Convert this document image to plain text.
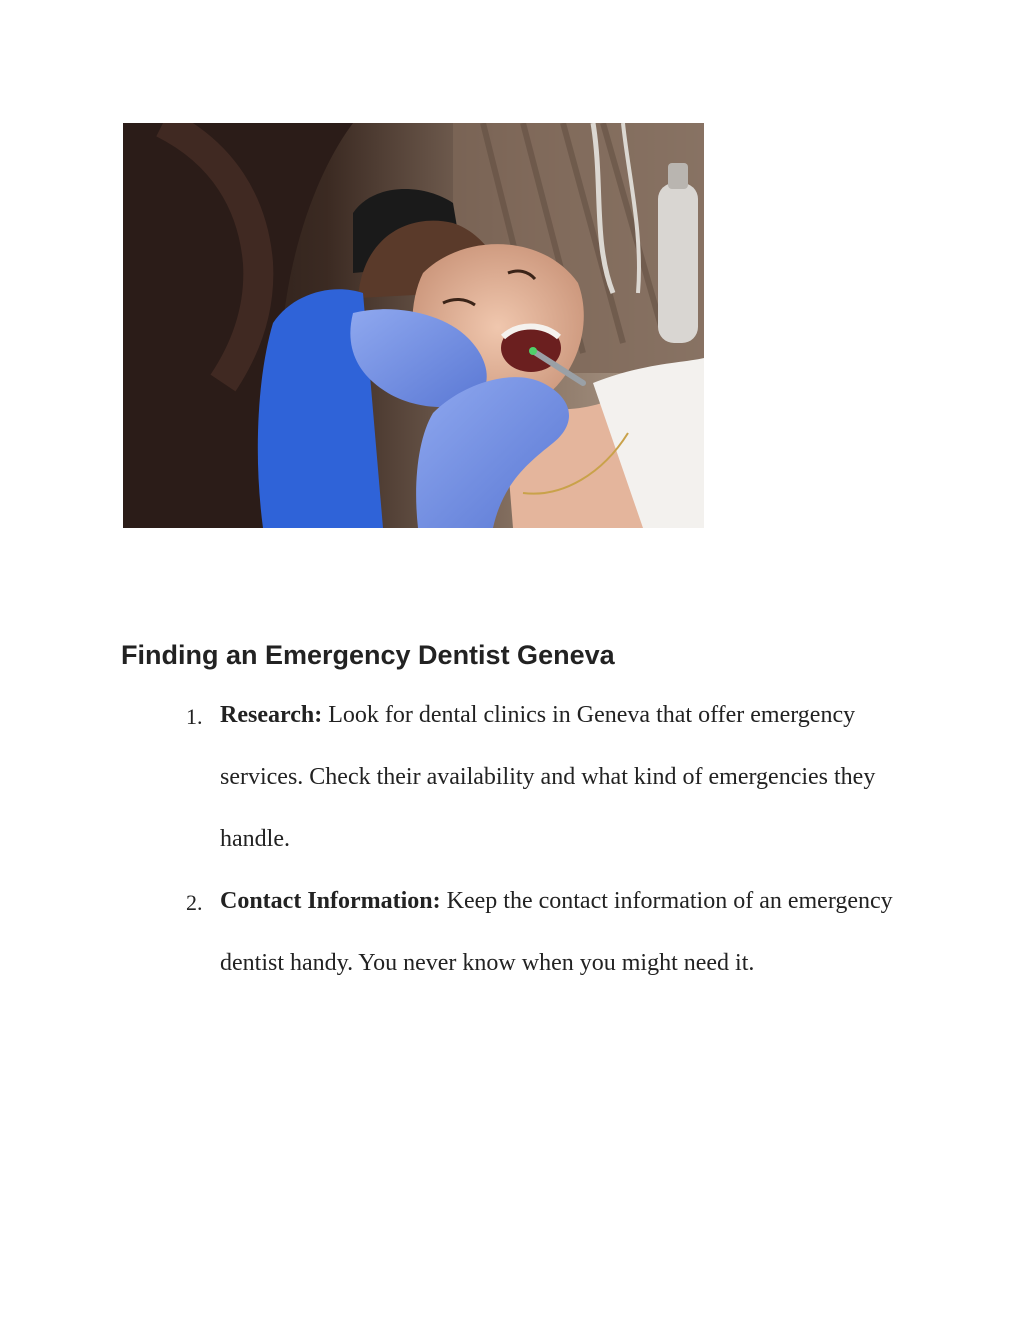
Finding an Emergency Dentist Geneva
1. Research: Look for dental clinics in Geneva that offer emergency services. Check their availability and what kind of emergencies they handle.
2. Contact Information: Keep the contact information of an emergency dentist handy. You never know when you might need it.
